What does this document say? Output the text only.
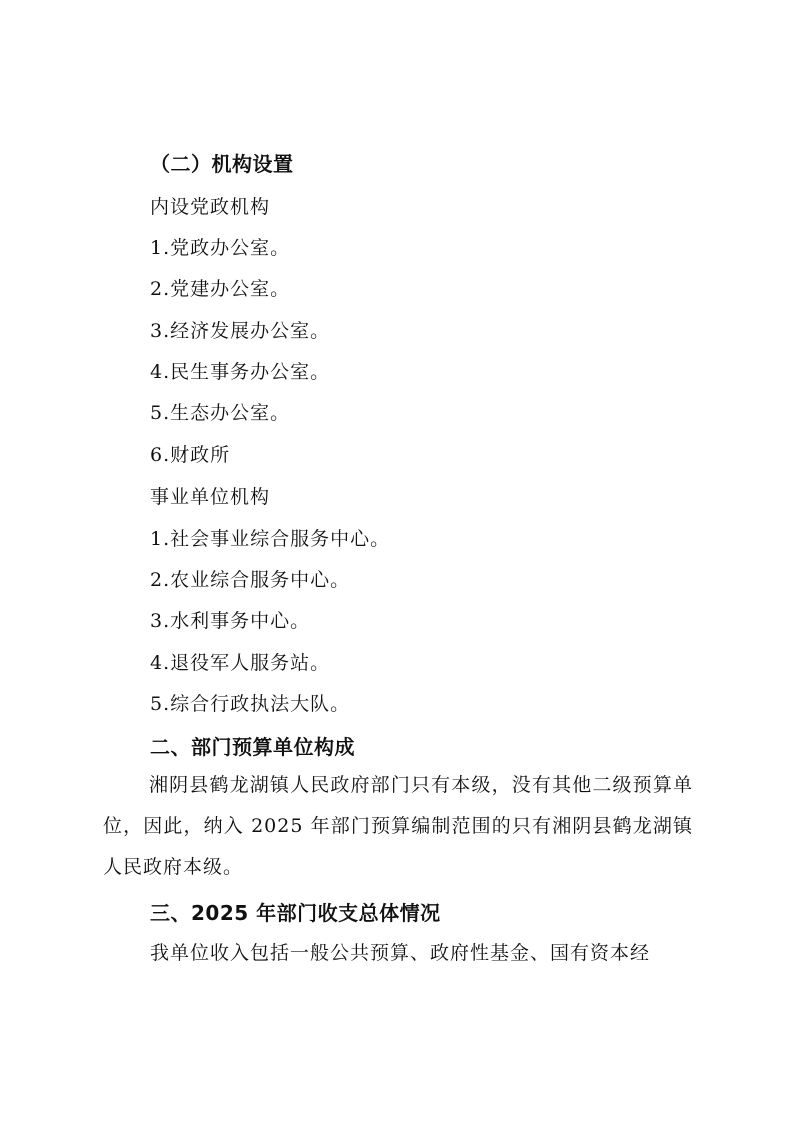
（二）机构设置
内设党政机构
1.党政办公室。
2.党建办公室。
3.经济发展办公室。
4.民生事务办公室。
5.生态办公室。
6.财政所
事业单位机构
1.社会事业综合服务中心。
2.农业综合服务中心。
3.水利事务中心。
4.退役军人服务站。
5.综合行政执法大队。
二、部门预算单位构成
湘阴县鹤龙湖镇人民政府部门只有本级，没有其他二级预算单位，因此，纳入 2025 年部门预算编制范围的只有湘阴县鹤龙湖镇人民政府本级。
三、2025 年部门收支总体情况
我单位收入包括一般公共预算、政府性基金、国有资本经
